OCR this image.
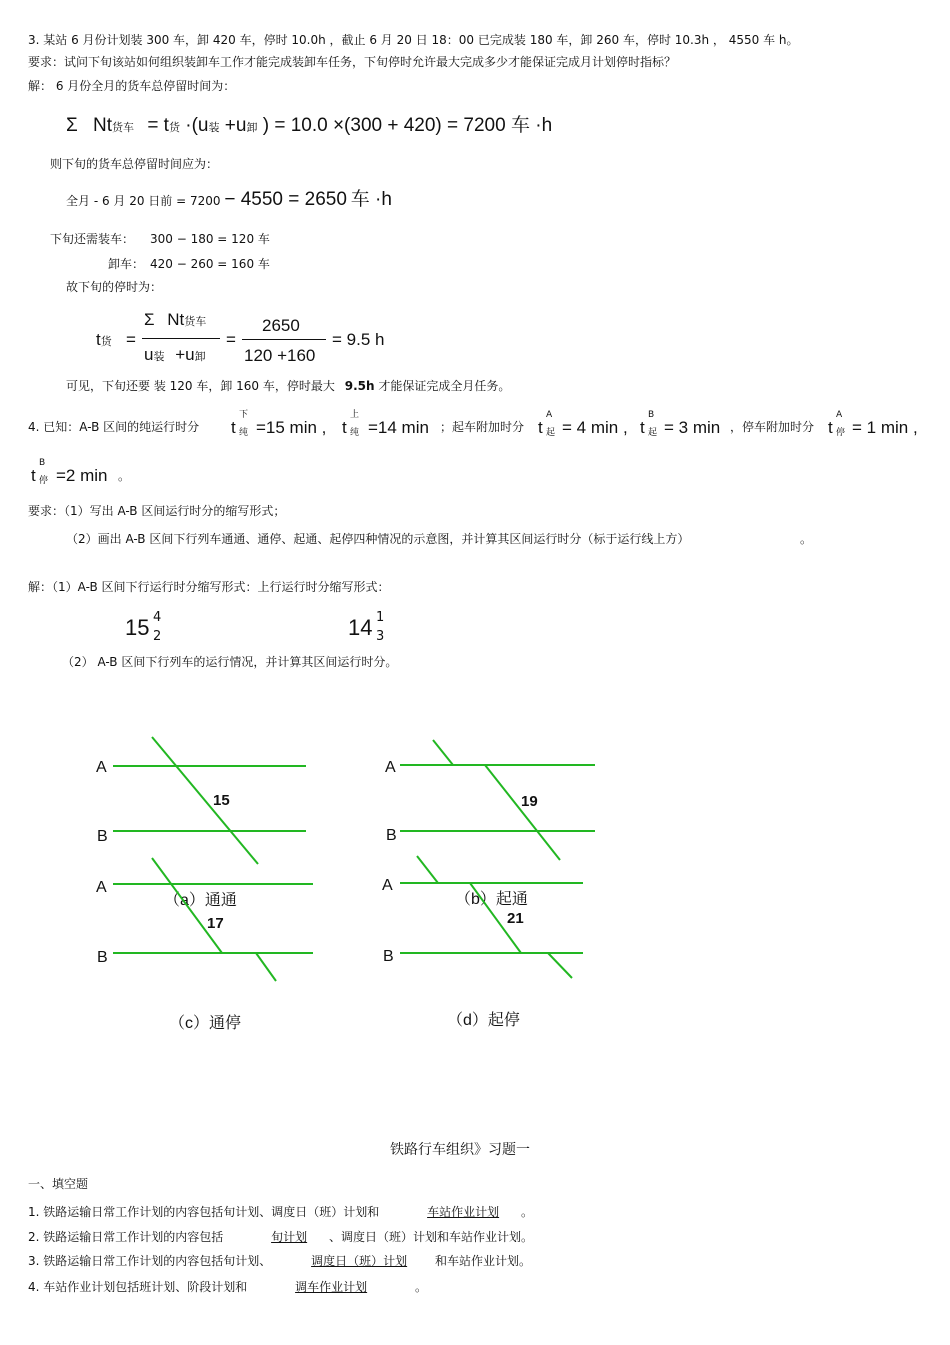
3. 某站 6 月份计划装 300 车，卸 420 车，停时 10.0h ，截止 6 月 20 日 18：00 已完成装 180 车，卸 260 车，停时 10.3h ， 4550 车 h。
要求：试问下旬该站如何组织装卸车工作才能完成装卸车任务，下旬停时允许最大完成多少才能保证完成月计划停时指标？
解： 6 月份全月的货车总停留时间为：
Σ Nt货车 = t货 ·(u装 +u卸 ) = 10.0 ×(300 + 420) = 7200 车 ·h
则下旬的货车总停留时间应为：
全月 - 6 月 20 日前 = 7200 − 4550 = 2650 车 ·h
下旬还需装车： 300 − 180 = 120 车
卸车： 420 − 260 = 160 车
故下旬的停时为：
t货 =
Σ Nt货车
u装 +u卸
=
2650
120 +160
= 9.5 h
可见，下旬还要 装 120 车，卸 160 车，停时最大 9.5h 才能保证完成全月任务。
4. 已知：A-B 区间的纯运行时分 t
下
纯 =15 min , t
上
纯 =14 min ；起车附加时分 t
A
起 = 4 min , t
B
起 = 3 min ，停车附加时分 t
A
停 = 1 min ,
t
B
停 =2 min 。
要求：（1）写出 A-B 区间运行时分的缩写形式；
（2）画出 A-B 区间下行列车通通、通停、起通、起停四种情况的示意图，并计算其区间运行时分（标于运行线上方）	。
解：（1）A-B 区间下行运行时分缩写形式：上行运行时分缩写形式：
15 4
2	14 1
3
（2） A-B 区间下行列车的运行情况，并计算其区间运行时分。
A
B
15
（a）通通
A
B
19
（b）起通
A
B
17
（c）通停
A
B
21
（d）起停
铁路行车组织》习题一
一、填空题
1. 铁路运输日常工作计划的内容包括旬计划、调度日（班）计划和	车站作业计划 。
2. 铁路运输日常工作计划的内容包括	旬计划 、调度日（班）计划和车站作业计划。
3. 铁路运输日常工作计划的内容包括旬计划、	调度日（班）计划 和车站作业计划。
4. 车站作业计划包括班计划、阶段计划和	调车作业计划	。
